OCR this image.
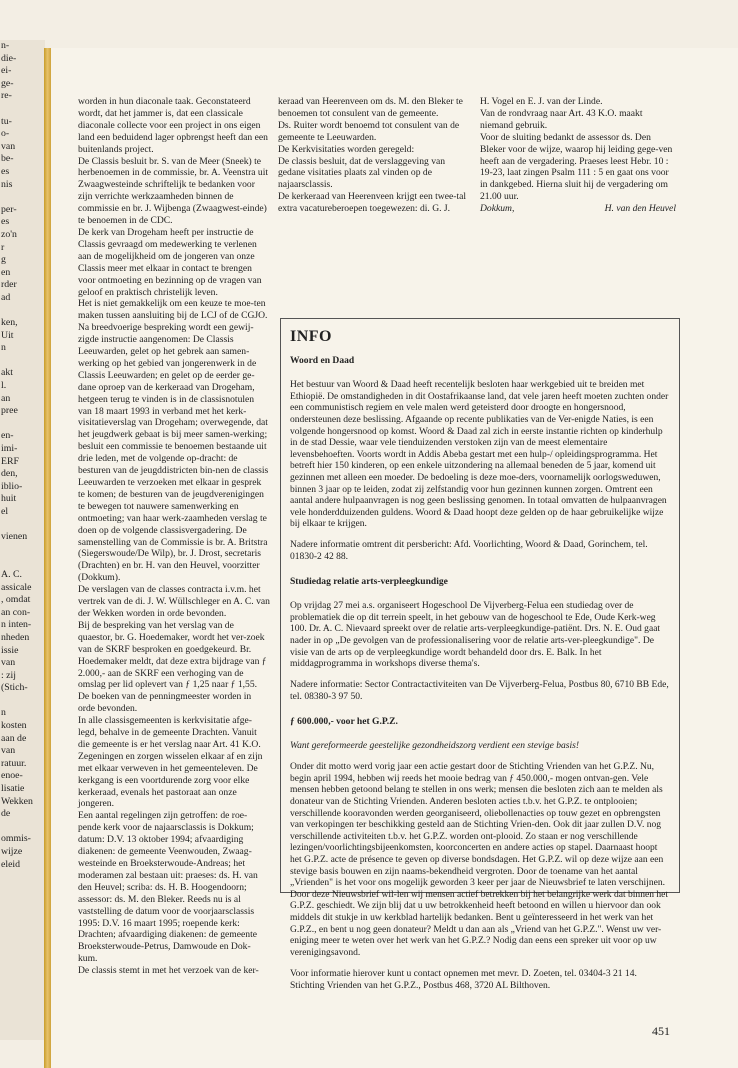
n-
die-
ei-
ge-
re-

tu-
o-
van
be-
es
nis

per-
es
zo'n
r
g
en
rder
ad

ken,
Uit
n

akt
l.
an
pree

en-
imi-
ERF
den,
iblio-
huit
el

vienen

A. C.
assicale
, omdat
an con-
n inten-
nheden
issie
van
: zij
(Stich-

n
kosten
aan de
van
ratuur.
enoe-
lisatie
Wekken
de

ommis-
wijze
eleid

worden in hun diaconale taak. Geconstateerd wordt, dat het jammer is, dat een classicale diaconale collecte voor een project in ons eigen land een beduidend lager opbrengst heeft dan een buitenlands project.

De Classis besluit br. S. van de Meer (Sneek) te herbenoemen in de commissie, br. A. Veenstra uit Zwaagwesteinde schriftelijk te bedanken voor zijn verrichte werkzaamheden binnen de commissie en br. J. Wijbenga (Zwaagwest-einde) te benoemen in de CDC.

De kerk van Drogeham heeft per instructie de Classis gevraagd om medewerking te verlenen aan de mogelijkheid om de jongeren van onze Classis meer met elkaar in contact te brengen voor ontmoeting en bezinning op de vragen van geloof en praktisch christelijk leven.

Het is niet gemakkelijk om een keuze te moe-ten maken tussen aansluiting bij de LCJ of de CGJO.

Na breedvoerige bespreking wordt een gewij-zigde instructie aangenomen: De Classis Leeuwarden, gelet op het gebrek aan samen-werking op het gebied van jongerenwerk in de Classis Leeuwarden; en gelet op de eerder ge-dane oproep van de kerkeraad van Drogeham, hetgeen terug te vinden is in de classisnotulen van 18 maart 1993 in verband met het kerk-visitatieverslag van Drogeham; overwegende, dat het jeugdwerk gebaat is bij meer samen-werking; besluit een commissie te benoemen bestaande uit drie leden, met de volgende op-dracht: de besturen van de jeugddistricten bin-nen de classis Leeuwarden te verzoeken met elkaar in gesprek te komen; de besturen van de jeugdverenigingen te bewegen tot nauwere samenwerking en ontmoeting; van haar werk-zaamheden verslag te doen op de volgende classisvergadering. De samenstelling van de Commissie is br. A. Britstra (Siegerswoude/De Wilp), br. J. Drost, secretaris (Drachten) en br. H. van den Heuvel, voorzitter (Dokkum).

De verslagen van de classes contracta i.v.m. het vertrek van de di. J. W. Wüllschleger en A. C. van der Wekken worden in orde bevonden.

Bij de bespreking van het verslag van de quaestor, br. G. Hoedemaker, wordt het ver-zoek van de SKRF besproken en goedgekeurd. Br. Hoedemaker meldt, dat deze extra bijdrage van ƒ 2.000,- aan de SKRF een verhoging van de omslag per lid oplevert van ƒ 1,25 naar ƒ 1,55.

De boeken van de penningmeester worden in orde bevonden.

In alle classisgemeenten is kerkvisitatie afge-legd, behalve in de gemeente Drachten. Vanuit die gemeente is er het verslag naar Art. 41 K.O. Zegeningen en zorgen wisselen elkaar af en zijn met elkaar verweven in het gemeenteleven. De kerkgang is een voortdurende zorg voor elke kerkeraad, evenals het pastoraat aan onze jongeren.

Een aantal regelingen zijn getroffen: de roe-pende kerk voor de najaarsclassis is Dokkum; datum: D.V. 13 oktober 1994; afvaardiging diakenen: de gemeente Veenwouden, Zwaag-westeinde en Broeksterwoude-Andreas; het moderamen zal bestaan uit: praeses: ds. H. van den Heuvel; scriba: ds. H. B. Hoogendoorn; assessor: ds. M. den Bleker. Reeds nu is al vaststelling de datum voor de voorjaarsclassis 1995: D.V. 16 maart 1995; roepende kerk: Drachten; afvaardiging diakenen: de gemeente Broeksterwoude-Petrus, Damwoude en Dok-kum.

De classis stemt in met het verzoek van de ker-

keraad van Heerenveen om ds. M. den Bleker te benoemen tot consulent van de gemeente.

Ds. Ruiter wordt benoemd tot consulent van de gemeente te Leeuwarden.

De Kerkvisitaties worden geregeld:

De classis besluit, dat de verslaggeving van gedane visitaties plaats zal vinden op de najaarsclassis.

De kerkeraad van Heerenveen krijgt een twee-tal extra vacatureberoepen toegewezen: di. G. J.

H. Vogel en E. J. van der Linde.

Van de rondvraag naar Art. 43 K.O. maakt niemand gebruik.

Voor de sluiting bedankt de assessor ds. Den Bleker voor de wijze, waarop hij leiding gege-ven heeft aan de vergadering. Praeses leest Hebr. 10 : 19-23, laat zingen Psalm 111 : 5 en gaat ons voor in dankgebed. Hierna sluit hij de vergadering om 21.00 uur.

Dokkum,	H. van den Heuvel
INFO
Woord en Daad

Het bestuur van Woord & Daad heeft recentelijk besloten haar werkgebied uit te breiden met Ethiopië. De omstandigheden in dit Oostafrikaanse land, dat vele jaren heeft moeten zuchten onder een communistisch regiem en vele malen werd geteisterd door droogte en hongersnood, ondersteunen deze beslissing. Afgaande op recente publikaties van de Ver-enigde Naties, is een volgende hongersnood op komst. Woord & Daad zal zich in eerste instantie richten op kinderhulp in de stad Dessie, waar vele tienduizenden verstoken zijn van de meest elementaire levensbehoeften. Voorts wordt in Addis Abeba gestart met een hulp-/ opleidingsprogramma. Het betreft hier 150 kinderen, op een enkele uitzondering na allemaal beneden de 5 jaar, komend uit gezinnen met alleen een moeder. De bedoeling is deze moe-ders, voornamelijk oorlogsweduwen, binnen 3 jaar op te leiden, zodat zij zelfstandig voor hun gezinnen kunnen zorgen. Omtrent een aantal andere hulpaanvragen is nog geen beslissing genomen. In totaal omvatten de hulpaanvragen vele honderdduizenden guldens. Woord & Daad hoopt deze gelden op de haar gebruikelijke wijze bij elkaar te krijgen.

Nadere informatie omtrent dit persbericht: Afd. Voorlichting, Woord & Daad, Gorinchem, tel. 01830-2 42 88.

Studiedag relatie arts-verpleegkundige

Op vrijdag 27 mei a.s. organiseert Hogeschool De Vijverberg-Felua een studiedag over de problematiek die op dit terrein speelt, in het gebouw van de hogeschool te Ede, Oude Kerk-weg 100. Dr. A. C. Nievaard spreekt over de relatie arts-verpleegkundige-patiënt. Drs. N. E. Oud gaat nader in op „De gevolgen van de professionalisering voor de relatie arts-ver-pleegkundige". De visie van de arts op de verpleegkundige wordt behandeld door drs. E. Balk. In het middagprogramma in workshops diverse thema's.

Nadere informatie: Sector Contractactiviteiten van De Vijverberg-Felua, Postbus 80, 6710 BB Ede, tel. 08380-3 97 50.

ƒ 600.000,- voor het G.P.Z.
Want gereformeerde geestelijke gezondheidszorg verdient een stevige basis!

Onder dit motto werd vorig jaar een actie gestart door de Stichting Vrienden van het G.P.Z. Nu, begin april 1994, hebben wij reeds het mooie bedrag van ƒ 450.000,- mogen ontvan-gen. Vele mensen hebben getoond belang te stellen in ons werk; mensen die besloten zich aan te melden als donateur van de Stichting Vrienden. Anderen besloten acties t.b.v. het G.P.Z. te ontplooien; verschillende kooravonden werden georganiseerd, oliebollenacties op touw gezet en opbrengsten van verkopingen ter beschikking gesteld aan de Stichting Vrien-den. Ook dit jaar zullen D.V. nog verschillende activiteiten t.b.v. het G.P.Z. worden ont-plooid. Zo staan er nog verschillende lezingen/voorlichtingsbijeenkomsten, koorconcerten en andere acties op stapel. Daarnaast hoopt het G.P.Z. acte de présence te geven op diverse bondsdagen. Het G.P.Z. wil op deze wijze aan een stevige basis bouwen en zijn naams-bekendheid vergroten. Door de toename van het aantal „Vrienden" is het voor ons mogelijk geworden 3 keer per jaar de Nieuwsbrief te laten verschijnen. Door deze Nieuwsbrief wil-len wij mensen actief betrekken bij het belangrijke werk dat binnen het G.P.Z. geschiedt. We zijn blij dat u uw betrokkenheid heeft betoond en willen u hiervoor dan ook middels dit stukje in uw kerkblad hartelijk bedanken. Bent u geïnteresseerd in het werk van het G.P.Z., en bent u nog geen donateur? Meldt u dan aan als „Vriend van het G.P.Z.". Wenst uw ver-eniging meer te weten over het werk van het G.P.Z.? Nodig dan eens een spreker uit voor op uw verenigingsavond.

Voor informatie hierover kunt u contact opnemen met mevr. D. Zoeten, tel. 03404-3 21 14. Stichting Vrienden van het G.P.Z., Postbus 468, 3720 AL Bilthoven.

451
